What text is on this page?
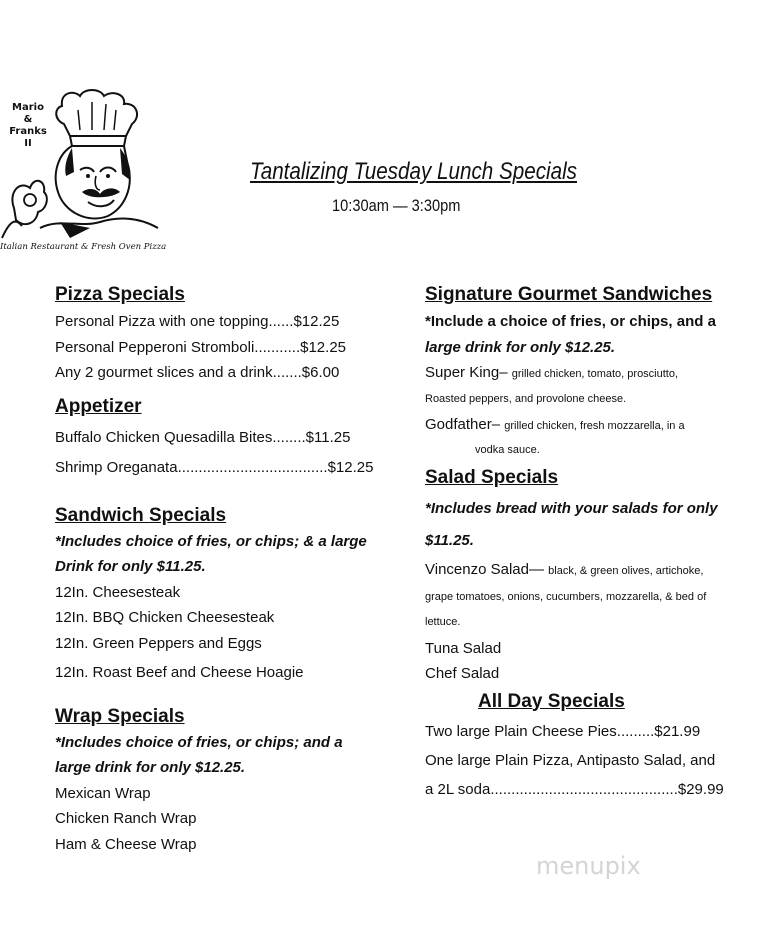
Mario & Franks II
Italian Restaurant & Fresh Oven Pizza
Tantalizing Tuesday Lunch Specials
10:30am — 3:30pm
Pizza Specials
Personal Pizza with one topping......$12.25
Personal Pepperoni Stromboli...........$12.25
Any 2 gourmet slices and a drink.......$6.00
Appetizer
Buffalo Chicken Quesadilla Bites........$11.25
Shrimp Oreganata....................................$12.25
Sandwich Specials
*Includes choice of fries, or chips; & a large Drink for only $11.25.
12In. Cheesesteak
12In. BBQ Chicken Cheesesteak
12In. Green Peppers and Eggs
12In. Roast Beef and Cheese Hoagie
Wrap Specials
*Includes choice of fries, or chips; and a large drink for only $12.25.
Mexican Wrap
Chicken Ranch Wrap
Ham & Cheese Wrap
Signature Gourmet Sandwiches
*Include a choice of fries, or chips, and a
large drink for only $12.25.
Super King– grilled chicken, tomato, prosciutto,
Roasted peppers, and provolone cheese.
Godfather– grilled chicken, fresh mozzarella, in a
vodka sauce.
Salad Specials
*Includes bread with your salads for only $11.25.
Vincenzo Salad— black, & green olives, artichoke,
grape tomatoes, onions, cucumbers, mozzarella, & bed of
lettuce.
Tuna Salad
Chef Salad
All Day Specials
Two large Plain Cheese Pies.........$21.99
One large Plain Pizza, Antipasto Salad, and
a 2L soda.............................................$29.99
menupix
